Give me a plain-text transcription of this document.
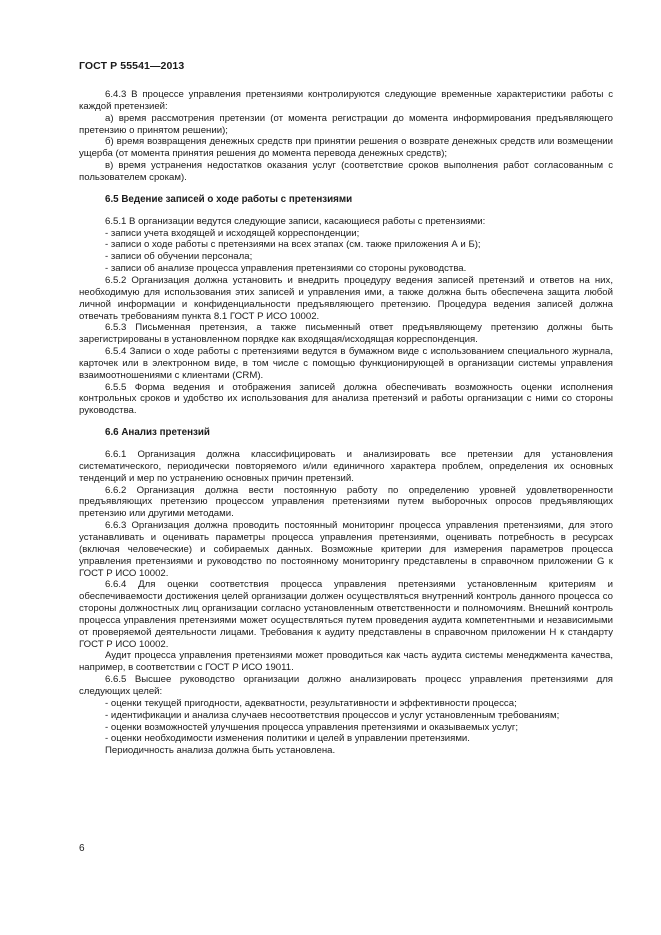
ГОСТ Р 55541—2013

6.4.3 В процессе управления претензиями контролируются следующие временные характеристики работы с каждой претензией:

а) время рассмотрения претензии (от момента регистрации до момента информирования предъявляющего претензию о принятом решении);

б) время возвращения денежных средств при принятии решения о возврате денежных средств или возмещении ущерба (от момента принятия решения до момента перевода денежных средств);

в) время устранения недостатков оказания услуг (соответствие сроков выполнения работ согласованным с пользователем срокам).

6.5 Ведение записей о ходе работы с претензиями

6.5.1 В организации ведутся следующие записи, касающиеся работы с претензиями:

- записи учета входящей и исходящей корреспонденции;

- записи о ходе работы с претензиями на всех этапах (см. также приложения А и Б);

- записи об обучении персонала;

- записи об анализе процесса управления претензиями со стороны руководства.

6.5.2 Организация должна установить и внедрить процедуру ведения записей претензий и ответов на них, необходимую для использования этих записей и управления ими, а также должна быть обеспечена защита любой личной информации и конфиденциальности предъявляющего претензию. Процедура ведения записей должна отвечать требованиям пункта 8.1 ГОСТ Р ИСО 10002.

6.5.3 Письменная претензия, а также письменный ответ предъявляющему претензию должны быть зарегистрированы в установленном порядке как входящая/исходящая корреспонденция.

6.5.4 Записи о ходе работы с претензиями ведутся в бумажном виде с использованием специального журнала, карточек или в электронном виде, в том числе с помощью функционирующей в организации системы управления взаимоотношениями с клиентами (CRM).

6.5.5 Форма ведения и отображения записей должна обеспечивать возможность оценки исполнения контрольных сроков и удобство их использования для анализа претензий и работы организации с ними со стороны руководства.

6.6 Анализ претензий

6.6.1 Организация должна классифицировать и анализировать все претензии для установления систематического, периодически повторяемого и/или единичного характера проблем, определения их основных тенденций и мер по устранению основных причин претензий.

6.6.2 Организация должна вести постоянную работу по определению уровней удовлетворенности предъявляющих претензию процессом управления претензиями путем выборочных опросов предъявляющих претензию или другими методами.

6.6.3 Организация должна проводить постоянный мониторинг процесса управления претензиями, для этого устанавливать и оценивать параметры процесса управления претензиями, оценивать потребность в ресурсах (включая человеческие) и собираемых данных. Возможные критерии для измерения параметров процесса управления претензиями и руководство по постоянному мониторингу представлены в справочном приложении G к ГОСТ Р ИСО 10002.

6.6.4 Для оценки соответствия процесса управления претензиями установленным критериям и обеспечиваемости достижения целей организации должен осуществляться внутренний контроль данного процесса со стороны должностных лиц организации согласно установленным ответственности и полномочиям. Внешний контроль процесса управления претензиями может осуществляться путем проведения аудита компетентными и независимыми от проверяемой деятельности лицами. Требования к аудиту представлены в справочном приложении Н к стандарту ГОСТ Р ИСО 10002.

Аудит процесса управления претензиями может проводиться как часть аудита системы менеджмента качества, например, в соответствии с ГОСТ Р ИСО 19011.

6.6.5 Высшее руководство организации должно анализировать процесс управления претензиями для следующих целей:

- оценки текущей пригодности, адекватности, результативности и эффективности процесса;

- идентификации и анализа случаев несоответствия процессов и услуг установленным требованиям;

- оценки возможностей улучшения процесса управления претензиями и оказываемых услуг;

- оценки необходимости изменения политики и целей в управлении претензиями.

Периодичность анализа должна быть установлена.

6
